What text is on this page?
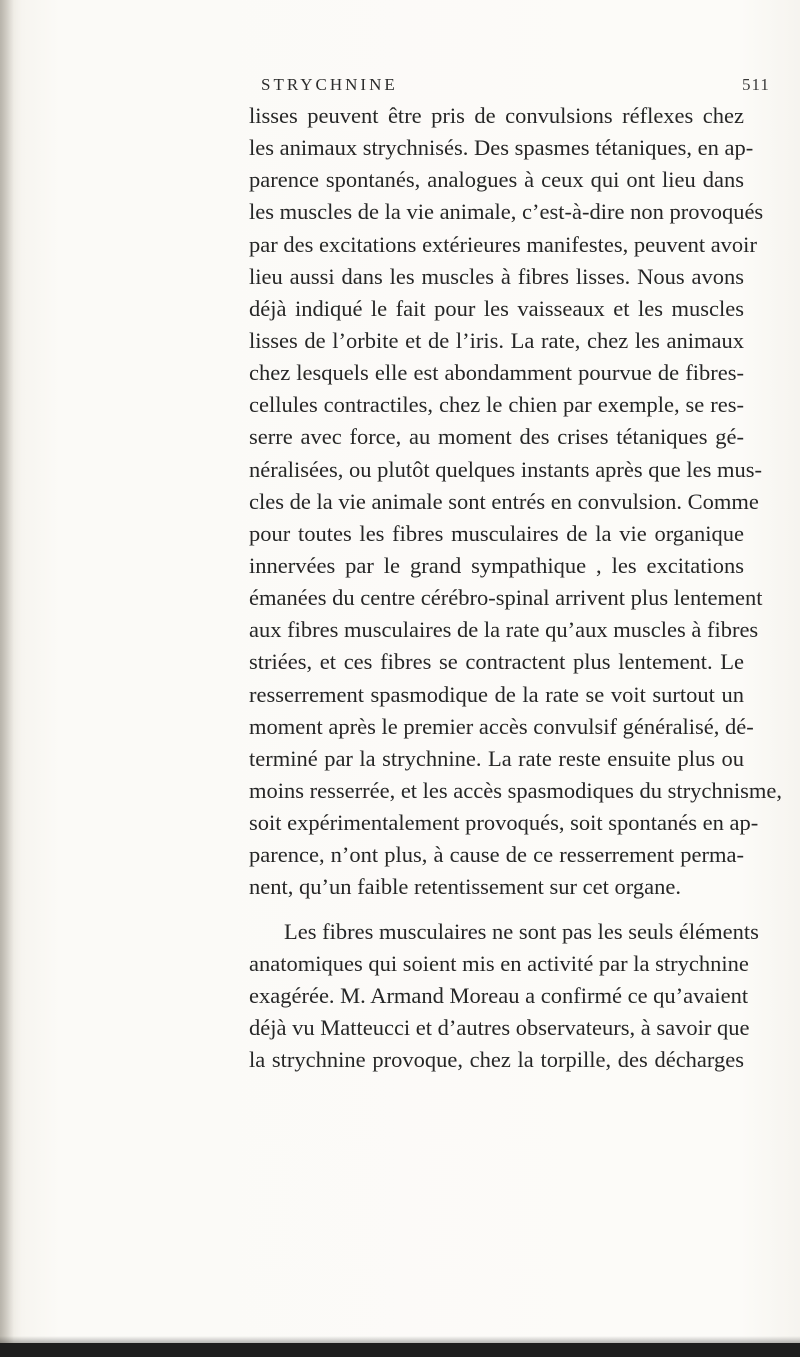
STRYCHNINE	511
lisses peuvent être pris de convulsions réflexes chez
les animaux strychnisés. Des spasmes tétaniques, en ap-
parence spontanés, analogues à ceux qui ont lieu dans
les muscles de la vie animale, c’est-à-dire non provoqués
par des excitations extérieures manifestes, peuvent avoir
lieu aussi dans les muscles à fibres lisses. Nous avons
déjà indiqué le fait pour les vaisseaux et les muscles
lisses de l’orbite et de l’iris. La rate, chez les animaux
chez lesquels elle est abondamment pourvue de fibres-
cellules contractiles, chez le chien par exemple, se res-
serre avec force, au moment des crises tétaniques gé-
néralisées, ou plutôt quelques instants après que les mus-
cles de la vie animale sont entrés en convulsion. Comme
pour toutes les fibres musculaires de la vie organique
innervées par le grand sympathique , les excitations
émanées du centre cérébro-spinal arrivent plus lentement
aux fibres musculaires de la rate qu’aux muscles à fibres
striées, et ces fibres se contractent plus lentement. Le
resserrement spasmodique de la rate se voit surtout un
moment après le premier accès convulsif généralisé, dé-
terminé par la strychnine. La rate reste ensuite plus ou
moins resserrée, et les accès spasmodiques du strychnisme,
soit expérimentalement provoqués, soit spontanés en ap-
parence, n’ont plus, à cause de ce resserrement perma-
nent, qu’un faible retentissement sur cet organe.
Les fibres musculaires ne sont pas les seuls éléments
anatomiques qui soient mis en activité par la strychnine
exagérée. M. Armand Moreau a confirmé ce qu’avaient
déjà vu Matteucci et d’autres observateurs, à savoir que
la strychnine provoque, chez la torpille, des décharges
